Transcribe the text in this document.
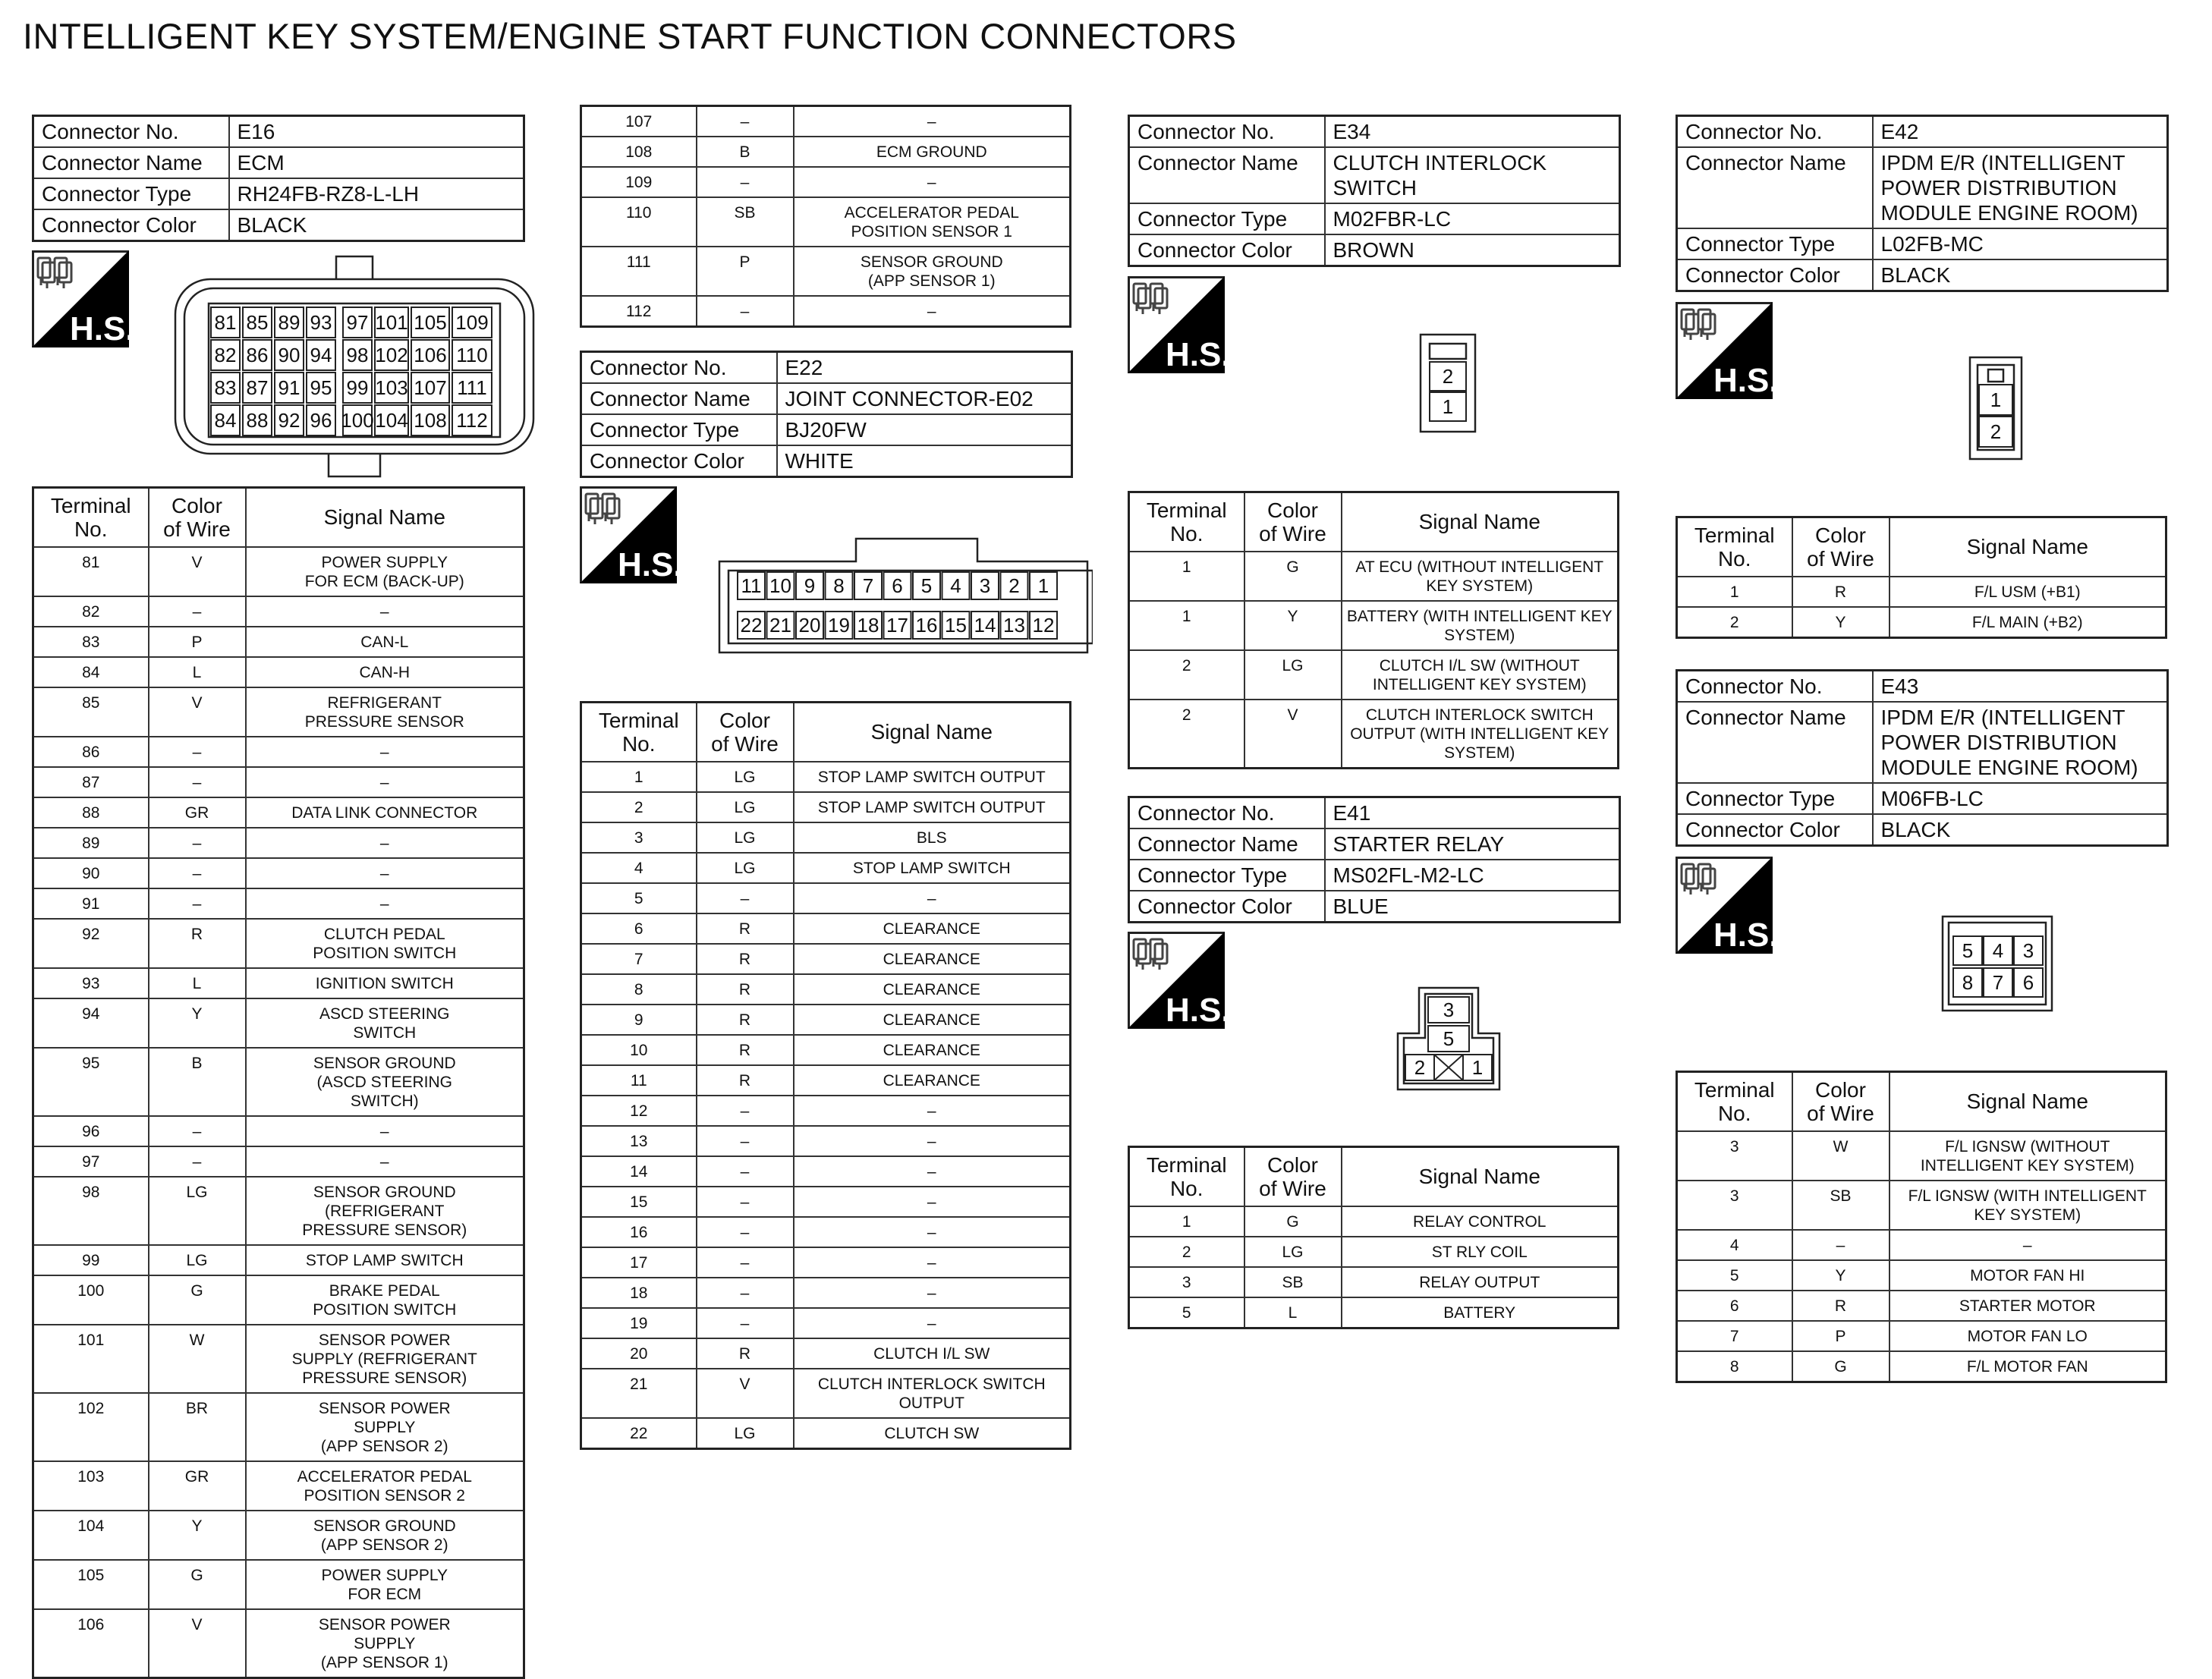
INTELLIGENT KEY SYSTEM/ENGINE START FUNCTION CONNECTORS
Connector No.	E16
Connector Name	ECM
Connector Type	RH24FB-RZ8-L-LH
Connector Color	BLACK
H.S.	81 85 89 93 97 101 105 109
82 86 90 94 98 102 106 110
83 87 91 95 99 103 107 111
84 88 92 96 100 104 108 112
Terminal No.	Color of Wire	Signal Name
81	V	POWER SUPPLY
FOR ECM (BACK-UP)
82	–	–
83	P	CAN-L
84	L	CAN-H
85	V	REFRIGERANT
PRESSURE SENSOR
86	–	–
87	–	–
88	GR	DATA LINK CONNECTOR
89	–	–
90	–	–
91	–	–
92	R	CLUTCH PEDAL
POSITION SWITCH
93	L	IGNITION SWITCH
94	Y	ASCD STEERING
SWITCH
95	B	SENSOR GROUND
(ASCD STEERING
SWITCH)
96	–	–
97	–	–
98	LG	SENSOR GROUND
(REFRIGERANT
PRESSURE SENSOR)
99	LG	STOP LAMP SWITCH
100	G	BRAKE PEDAL
POSITION SWITCH
101	W	SENSOR POWER
SUPPLY (REFRIGERANT
PRESSURE SENSOR)
102	BR	SENSOR POWER
SUPPLY
(APP SENSOR 2)
103	GR	ACCELERATOR PEDAL
POSITION SENSOR 2
104	Y	SENSOR GROUND
(APP SENSOR 2)
105	G	POWER SUPPLY
FOR ECM
106	V	SENSOR POWER
SUPPLY
(APP SENSOR 1)
107	–	–
108	B	ECM GROUND
109	–	–
110	SB	ACCELERATOR PEDAL
POSITION SENSOR 1
111	P	SENSOR GROUND
(APP SENSOR 1)
112	–	–
Connector No.	E22
Connector Name	JOINT CONNECTOR-E02
Connector Type	BJ20FW
Connector Color	WHITE
H.S.
11 10 9 8 7 6 5 4 3 2 1
22 21 20 19 18 17 16 15 14 13 12
Terminal No.	Color of Wire	Signal Name
1	LG	STOP LAMP SWITCH OUTPUT
2	LG	STOP LAMP SWITCH OUTPUT
3	LG	BLS
4	LG	STOP LAMP SWITCH
5	–	–
6	R	CLEARANCE
7	R	CLEARANCE
8	R	CLEARANCE
9	R	CLEARANCE
10	R	CLEARANCE
11	R	CLEARANCE
12	–	–
13	–	–
14	–	–
15	–	–
16	–	–
17	–	–
18	–	–
19	–	–
20	R	CLUTCH I/L SW
21	V	CLUTCH INTERLOCK SWITCH
OUTPUT
22	LG	CLUTCH SW
Connector No.	E34
Connector Name	CLUTCH INTERLOCK SWITCH
Connector Type	M02FBR-LC
Connector Color	BROWN
H.S.
2
1
Terminal No.	Color of Wire	Signal Name
1	G	AT ECU (WITHOUT INTELLIGENT
KEY SYSTEM)
1	Y	BATTERY (WITH INTELLIGENT KEY
SYSTEM)
2	LG	CLUTCH I/L SW (WITHOUT
INTELLIGENT KEY SYSTEM)
2	V	CLUTCH INTERLOCK SWITCH
OUTPUT (WITH INTELLIGENT KEY
SYSTEM)
Connector No.	E41
Connector Name	STARTER RELAY
Connector Type	MS02FL-M2-LC
Connector Color	BLUE
H.S.	3
5
2 1
Terminal No.	Color of Wire	Signal Name
1	G	RELAY CONTROL
2	LG	ST RLY COIL
3	SB	RELAY OUTPUT
5	L	BATTERY
Connector No.	E42
Connector Name	IPDM E/R (INTELLIGENT POWER DISTRIBUTION MODULE ENGINE ROOM)
Connector Type	L02FB-MC
Connector Color	BLACK
H.S.
1
2
Terminal No.	Color of Wire	Signal Name
1	R	F/L USM (+B1)
2	Y	F/L MAIN (+B2)
Connector No.	E43
Connector Name	IPDM E/R (INTELLIGENT POWER DISTRIBUTION MODULE ENGINE ROOM)
Connector Type	M06FB-LC
Connector Color	BLACK
H.S.	5 4 3
8 7 6
Terminal No.	Color of Wire	Signal Name
3	W	F/L IGNSW (WITHOUT
INTELLIGENT KEY SYSTEM)
3	SB	F/L IGNSW (WITH INTELLIGENT
KEY SYSTEM)
4	–	–
5	Y	MOTOR FAN HI
6	R	STARTER MOTOR
7	P	MOTOR FAN LO
8	G	F/L MOTOR FAN
